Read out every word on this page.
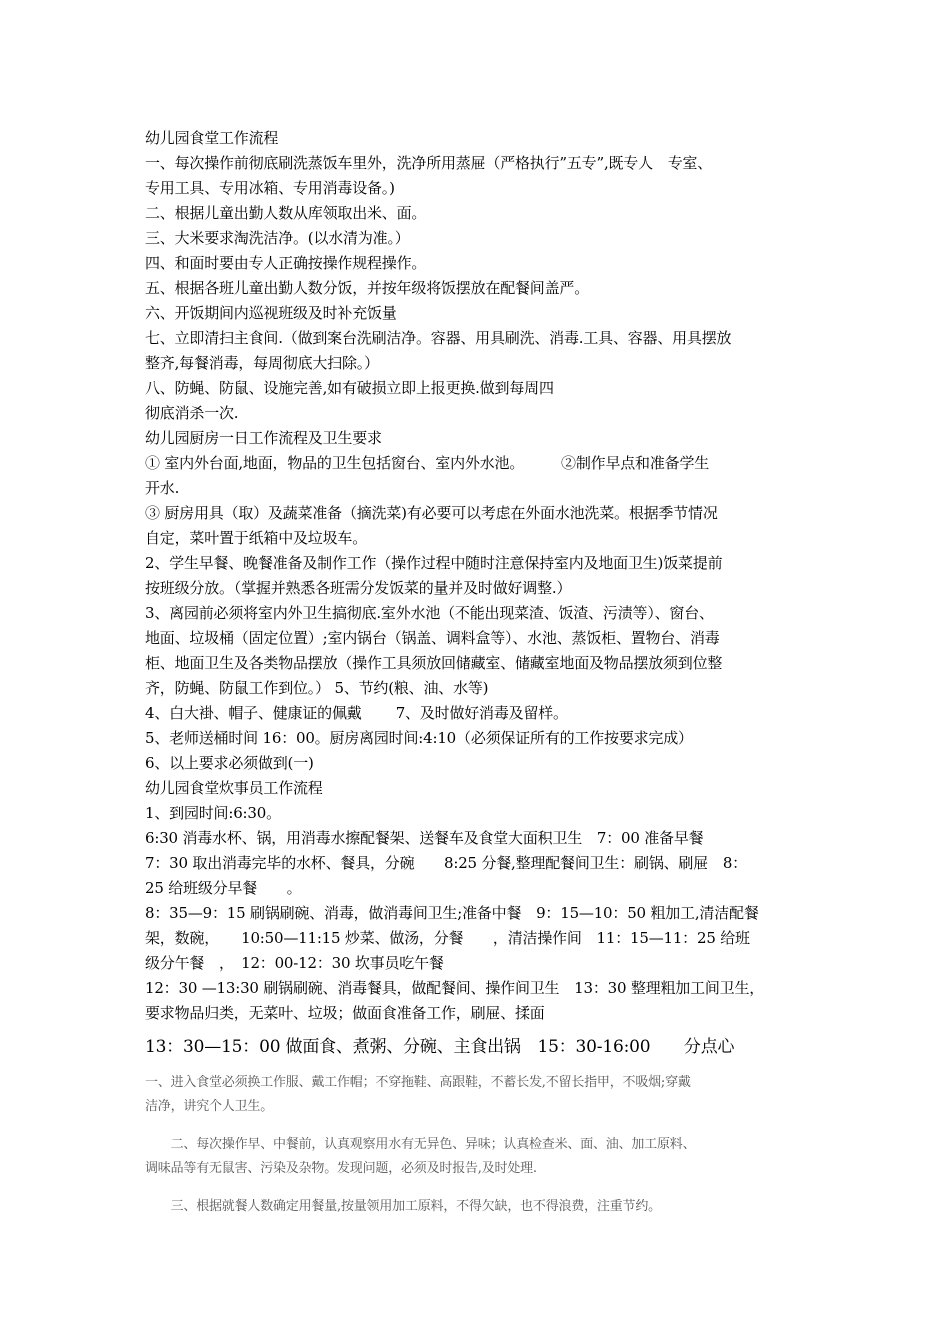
幼儿园食堂工作流程
一、每次操作前彻底刷洗蒸饭车里外，洗净所用蒸屉（严格执行”五专”,既专人　专室、
专用工具、专用冰箱、专用消毒设备。)
二、根据儿童出勤人数从库领取出米、面。
三、大米要求淘洗洁净。(以水清为准。）
四、和面时要由专人正确按操作规程操作。
五、根据各班儿童出勤人数分饭，并按年级将饭摆放在配餐间盖严。
六、开饭期间内巡视班级及时补充饭量
七、立即清扫主食间.（做到案台洗刷洁净。容器、用具刷洗、消毒.工具、容器、用具摆放
整齐,每餐消毒，每周彻底大扫除。）
八、防蝇、防鼠、设施完善,如有破损立即上报更换.做到每周四
彻底消杀一次.
幼儿园厨房一日工作流程及卫生要求
① 室内外台面,地面，物品的卫生包括窗台、室内外水池。　　　②制作早点和准备学生
开水.
③ 厨房用具（取）及蔬菜准备（摘洗菜)有必要可以考虑在外面水池洗菜。根据季节情况
自定，菜叶置于纸箱中及垃圾车。
2、学生早餐、晚餐准备及制作工作（操作过程中随时注意保持室内及地面卫生)饭菜提前
按班级分放。（掌握并熟悉各班需分发饭菜的量并及时做好调整.）
3、离园前必须将室内外卫生搞彻底.室外水池（不能出现菜渣、饭渣、污渍等）、窗台、
地面、垃圾桶（固定位置）;室内锅台（锅盖、调料盒等）、水池、蒸饭柜、置物台、消毒
柜、地面卫生及各类物品摆放（操作工具须放回储藏室、储藏室地面及物品摆放须到位整
齐，防蝇、防鼠工作到位。） 5、节约(粮、油、水等)
4、白大褂、帽子、健康证的佩戴　　 7、及时做好消毒及留样。
5、老师送桶时间 16：00。厨房离园时间:4:10（必须保证所有的工作按要求完成）
6、以上要求必须做到(一)
幼儿园食堂炊事员工作流程
1、到园时间:6:30。
6:30 消毒水杯、锅，用消毒水擦配餐架、送餐车及食堂大面积卫生　7：00 准备早餐
7：30 取出消毒完毕的水杯、餐具，分碗　　8:25 分餐,整理配餐间卫生：刷锅、刷屉　8：
25 给班级分早餐　　。
8：35—9：15 刷锅刷碗、消毒，做消毒间卫生;准备中餐　9：15—10：50 粗加工,清洁配餐
架，数碗，　　10:50—11:15 炒菜、做汤，分餐　　，清洁操作间　11：15—11：25 给班
级分午餐　，　12：00-12：30 坎事员吃午餐
12：30 —13:30 刷锅刷碗、消毒餐具，做配餐间、操作间卫生　13：30 整理粗加工间卫生，
要求物品归类，无菜叶、垃圾；做面食准备工作，刷屉、揉面
13：30—15：00 做面食、煮粥、分碗、主食出锅　15：30-16:00　　分点心
一、进入食堂必须换工作服、戴工作帽；不穿拖鞋、高跟鞋，不蓄长发,不留长指甲，不吸烟;穿戴
洁净，讲究个人卫生。
　　二、每次操作早、中餐前，认真观察用水有无异色、异味；认真检查米、面、油、加工原料、
调味品等有无鼠害、污染及杂物。发现问题，必须及时报告,及时处理.
　　三、根据就餐人数确定用餐量,按量领用加工原料，不得欠缺，也不得浪费，注重节约。
